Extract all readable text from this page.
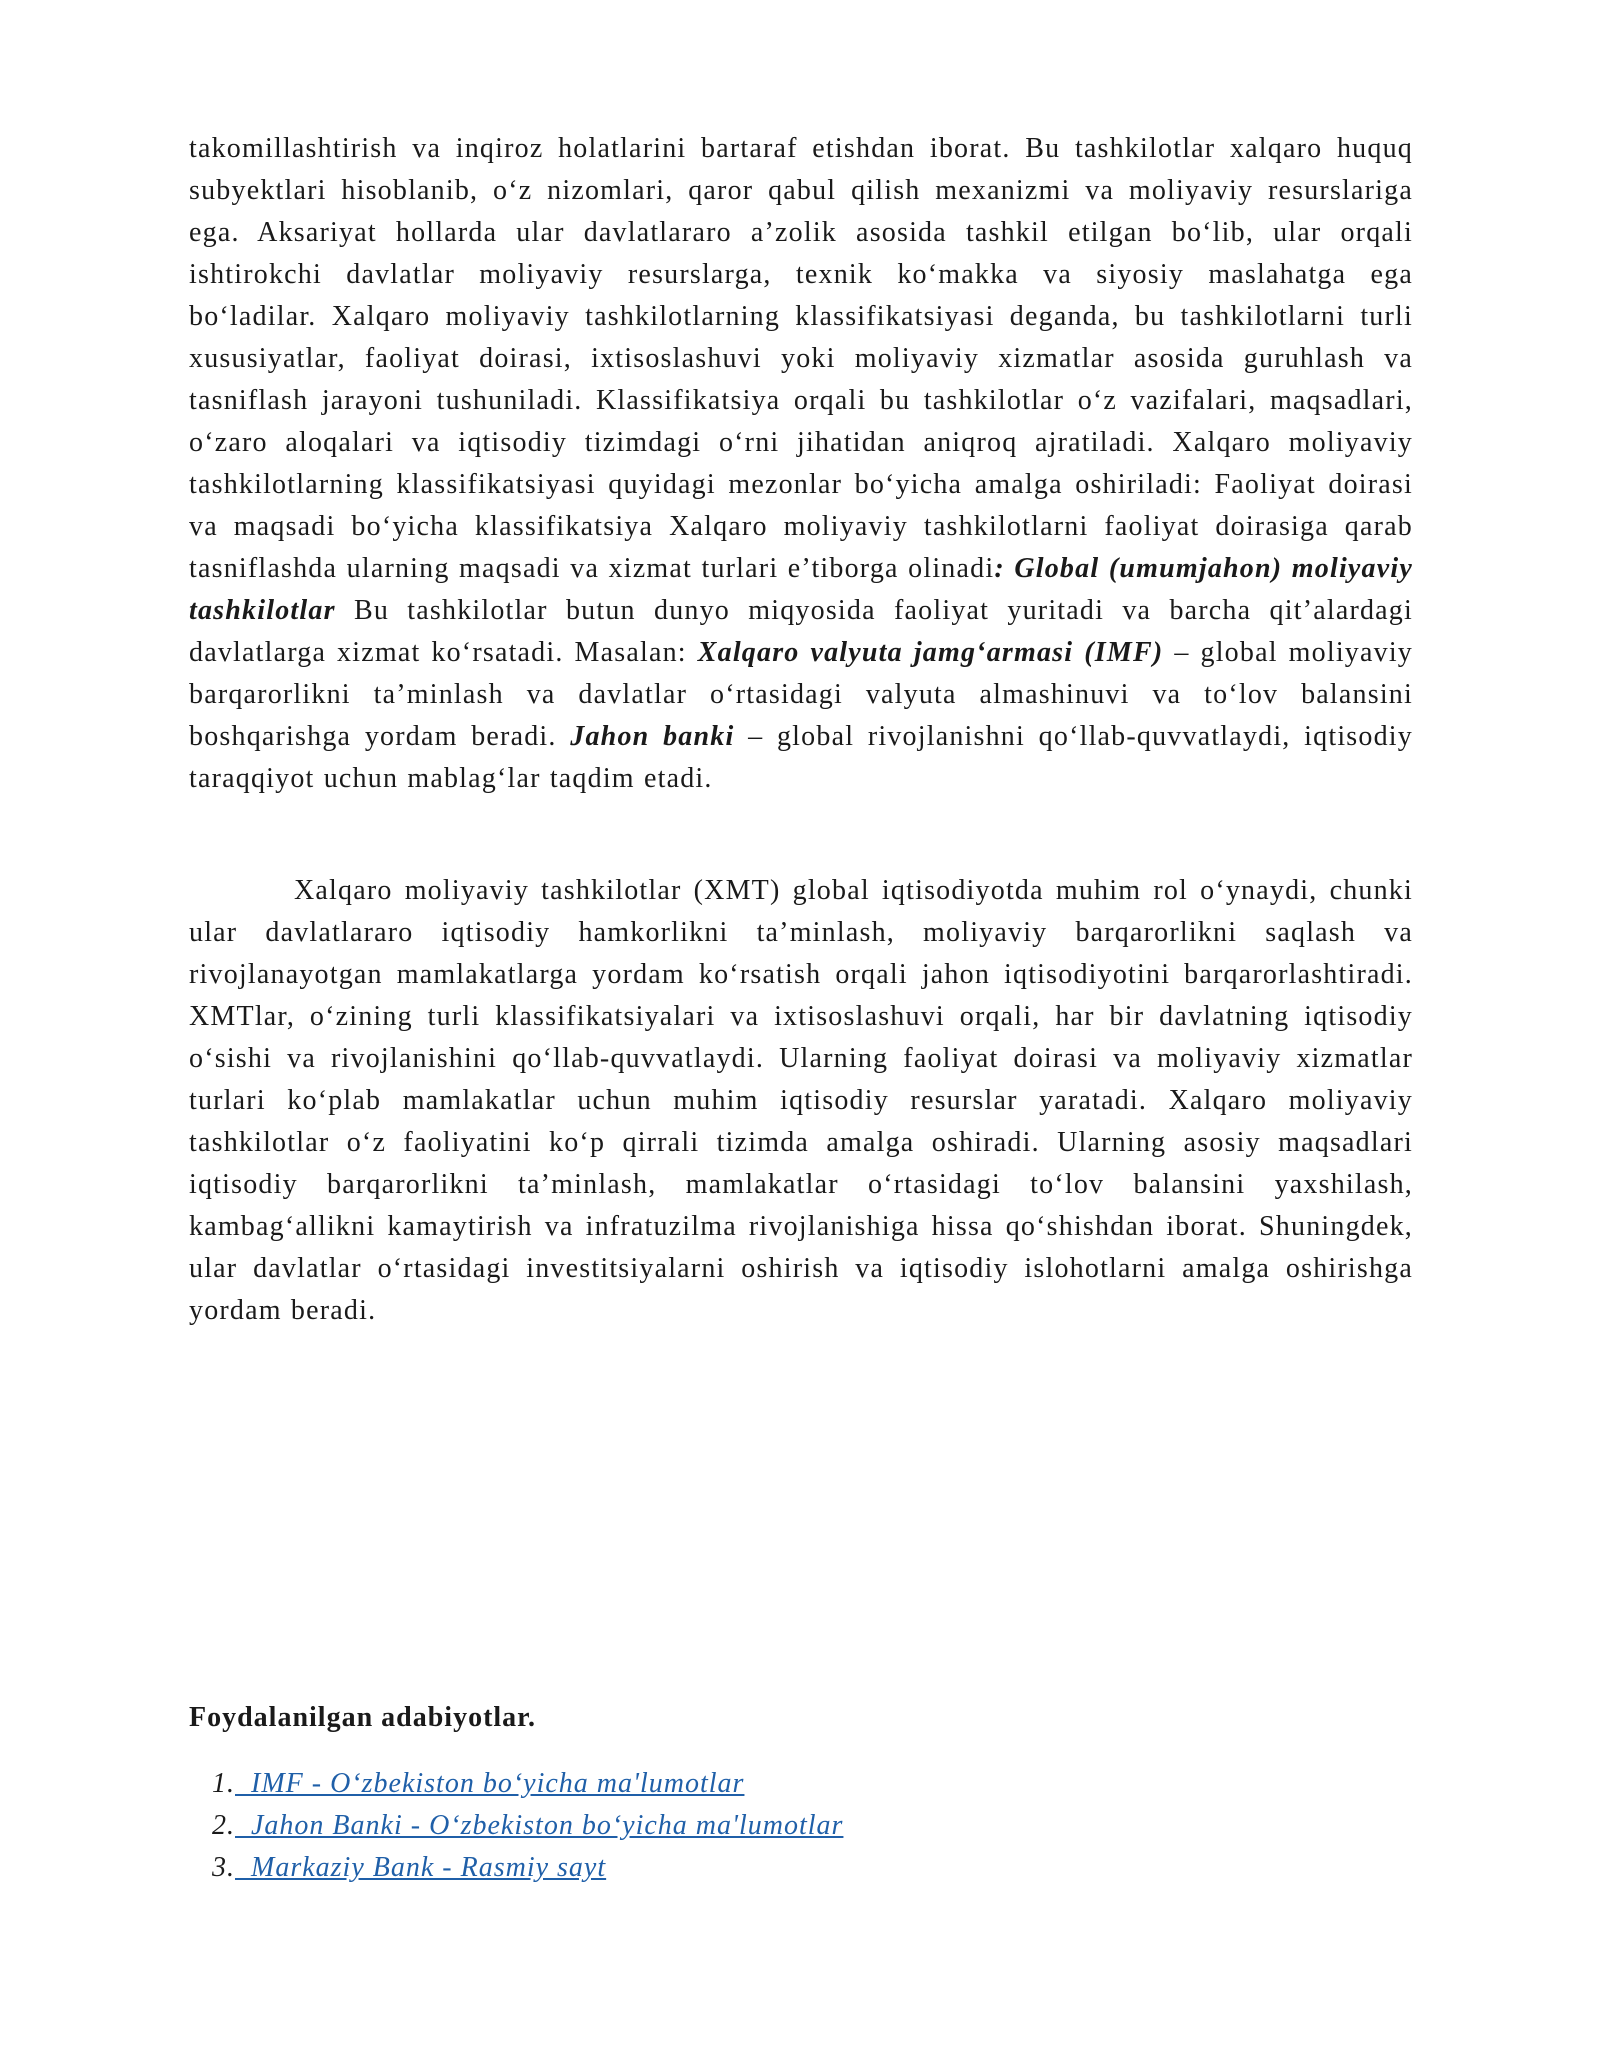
takomillashtirish va inqiroz holatlarini bartaraf etishdan iborat. Bu tashkilotlar xalqaro huquq subyektlari hisoblanib, o‘z nizomlari, qaror qabul qilish mexanizmi va moliyaviy resurslariga ega. Aksariyat hollarda ular davlatlararo a’zolik asosida tashkil etilgan bo‘lib, ular orqali ishtirokchi davlatlar moliyaviy resurslarga, texnik ko‘makka va siyosiy maslahatga ega bo‘ladilar. Xalqaro moliyaviy tashkilotlarning klassifikatsiyasi deganda, bu tashkilotlarni turli xususiyatlar, faoliyat doirasi, ixtisoslashuvi yoki moliyaviy xizmatlar asosida guruhlash va tasniflash jarayoni tushuniladi. Klassifikatsiya orqali bu tashkilotlar o‘z vazifalari, maqsadlari, o‘zaro aloqalari va iqtisodiy tizimdagi o‘rni jihatidan aniqroq ajratiladi. Xalqaro moliyaviy tashkilotlarning klassifikatsiyasi quyidagi mezonlar bo‘yicha amalga oshiriladi: Faoliyat doirasi va maqsadi bo‘yicha klassifikatsiya Xalqaro moliyaviy tashkilotlarni faoliyat doirasiga qarab tasniflashda ularning maqsadi va xizmat turlari e’tiborga olinadi: Global (umumjahon) moliyaviy tashkilotlar Bu tashkilotlar butun dunyo miqyosida faoliyat yuritadi va barcha qit’alardagi davlatlarga xizmat ko‘rsatadi. Masalan: Xalqaro valyuta jamg‘armasi (IMF) – global moliyaviy barqarorlikni ta’minlash va davlatlar o‘rtasidagi valyuta almashinuvi va to‘lov balansini boshqarishga yordam beradi. Jahon banki – global rivojlanishni qo‘llab-quvvatlaydi, iqtisodiy taraqqiyot uchun mablag‘lar taqdim etadi.

Xalqaro moliyaviy tashkilotlar (XMT) global iqtisodiyotda muhim rol o‘ynaydi, chunki ular davlatlararo iqtisodiy hamkorlikni ta’minlash, moliyaviy barqarorlikni saqlash va rivojlanayotgan mamlakatlarga yordam ko‘rsatish orqali jahon iqtisodiyotini barqarorlashtiradi. XMTlar, o‘zining turli klassifikatsiyalari va ixtisoslashuvi orqali, har bir davlatning iqtisodiy o‘sishi va rivojlanishini qo‘llab-quvvatlaydi. Ularning faoliyat doirasi va moliyaviy xizmatlar turlari ko‘plab mamlakatlar uchun muhim iqtisodiy resurslar yaratadi. Xalqaro moliyaviy tashkilotlar o‘z faoliyatini ko‘p qirrali tizimda amalga oshiradi. Ularning asosiy maqsadlari iqtisodiy barqarorlikni ta’minlash, mamlakatlar o‘rtasidagi to‘lov balansini yaxshilash, kambag‘allikni kamaytirish va infratuzilma rivojlanishiga hissa qo‘shishdan iborat. Shuningdek, ular davlatlar o‘rtasidagi investitsiyalarni oshirish va iqtisodiy islohotlarni amalga oshirishga yordam beradi.

Foydalanilgan adabiyotlar.

1. IMF - O‘zbekiston bo‘yicha ma'lumotlar
2. Jahon Banki - O‘zbekiston bo‘yicha ma'lumotlar
3. Markaziy Bank - Rasmiy sayt
